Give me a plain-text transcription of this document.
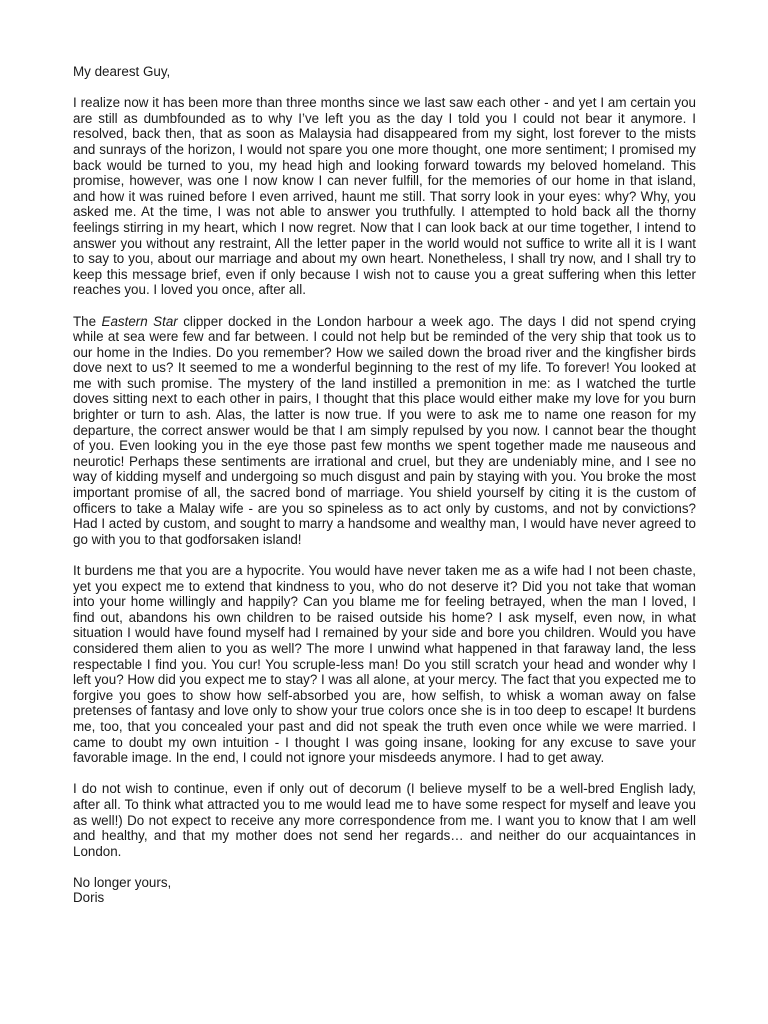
My dearest Guy,

I realize now it has been more than three months since we last saw each other - and yet I am certain you are still as dumbfounded as to why I’ve left you as the day I told you I could not bear it anymore. I resolved, back then, that as soon as Malaysia had disappeared from my sight, lost forever to the mists and sunrays of the horizon, I would not spare you one more thought, one more sentiment; I promised my back would be turned to you, my head high and looking forward towards my beloved homeland. This promise, however, was one I now know I can never fulfill, for the memories of our home in that island, and how it was ruined before I even arrived, haunt me still. That sorry look in your eyes: why? Why, you asked me. At the time, I was not able to answer you truthfully. I attempted to hold back all the thorny feelings stirring in my heart, which I now regret. Now that I can look back at our time together, I intend to answer you without any restraint, All the letter paper in the world would not suffice to write all it is I want to say to you, about our marriage and about my own heart. Nonetheless, I shall try now, and I shall try to keep this message brief, even if only because I wish not to cause you a great suffering when this letter reaches you. I loved you once, after all.

The Eastern Star clipper docked in the London harbour a week ago. The days I did not spend crying while at sea were few and far between. I could not help but be reminded of the very ship that took us to our home in the Indies. Do you remember? How we sailed down the broad river and the kingfisher birds dove next to us? It seemed to me a wonderful beginning to the rest of my life. To forever! You looked at me with such promise. The mystery of the land instilled a premonition in me: as I watched the turtle doves sitting next to each other in pairs, I thought that this place would either make my love for you burn brighter or turn to ash. Alas, the latter is now true. If you were to ask me to name one reason for my departure, the correct answer would be that I am simply repulsed by you now. I cannot bear the thought of you. Even looking you in the eye those past few months we spent together made me nauseous and neurotic! Perhaps these sentiments are irrational and cruel, but they are undeniably mine, and I see no way of kidding myself and undergoing so much disgust and pain by staying with you. You broke the most important promise of all, the sacred bond of marriage. You shield yourself by citing it is the custom of officers to take a Malay wife - are you so spineless as to act only by customs, and not by convictions? Had I acted by custom, and sought to marry a handsome and wealthy man, I would have never agreed to go with you to that godforsaken island!

It burdens me that you are a hypocrite. You would have never taken me as a wife had I not been chaste, yet you expect me to extend that kindness to you, who do not deserve it? Did you not take that woman into your home willingly and happily? Can you blame me for feeling betrayed, when the man I loved, I find out, abandons his own children to be raised outside his home? I ask myself, even now, in what situation I would have found myself had I remained by your side and bore you children. Would you have considered them alien to you as well? The more I unwind what happened in that faraway land, the less respectable I find you. You cur! You scruple-less man! Do you still scratch your head and wonder why I left you? How did you expect me to stay? I was all alone, at your mercy. The fact that you expected me to forgive you goes to show how self-absorbed you are, how selfish, to whisk a woman away on false pretenses of fantasy and love only to show your true colors once she is in too deep to escape! It burdens me, too, that you concealed your past and did not speak the truth even once while we were married. I came to doubt my own intuition - I thought I was going insane, looking for any excuse to save your favorable image. In the end, I could not ignore your misdeeds anymore. I had to get away.

I do not wish to continue, even if only out of decorum (I believe myself to be a well-bred English lady, after all. To think what attracted you to me would lead me to have some respect for myself and leave you as well!) Do not expect to receive any more correspondence from me. I want you to know that I am well and healthy, and that my mother does not send her regards… and neither do our acquaintances in London.

No longer yours,

Doris
